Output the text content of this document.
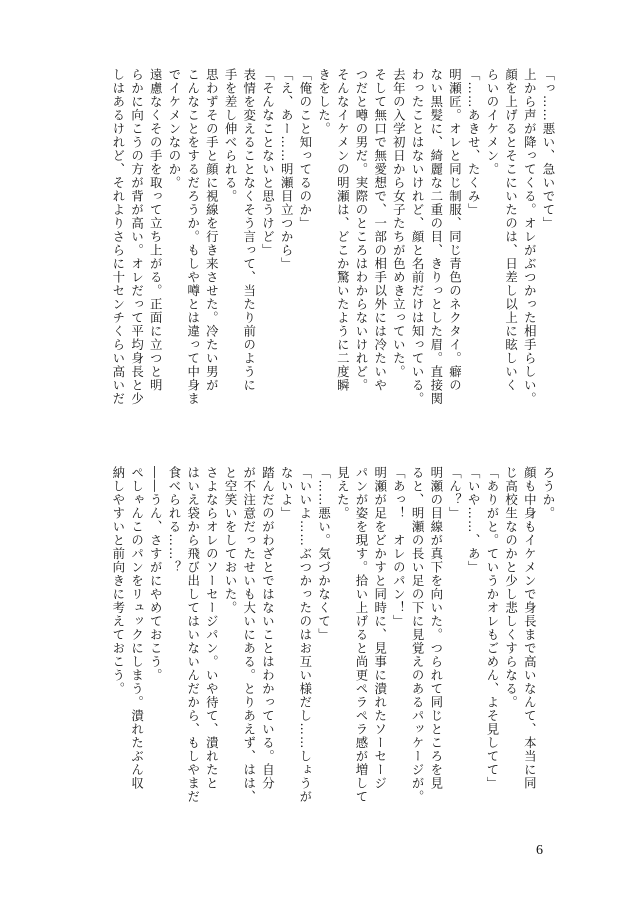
「っ……悪い、急いでて」

上から声が降ってくる。オレがぶつかった相手らしい。

顔を上げるとそこにいたのは、日差し以上に眩しいく

らいのイケメン。

「……あきせ、たくみ」

明瀬匠。オレと同じ制服、同じ青色のネクタイ。癖の

ない黒髪に、綺麗な二重の目、きりっとした眉。直接関

わったことはないけれど、顔と名前だけは知っている。

去年の入学初日から女子たちが色めき立っていた。

そして無口で無愛想で、一部の相手以外には冷たいや

つだと噂の男だ。実際のところはわからないけれど。

そんなイケメンの明瀬は、どこか驚いたように二度瞬

きをした。

「俺のこと知ってるのか」

「え、あー……明瀬目立つから」

「そんなことないと思うけど」

表情を変えることなくそう言って、当たり前のように

手を差し伸べられる。

思わずその手と顔に視線を行き来させた。冷たい男が

こんなことをするだろうか。もしや噂とは違って中身ま

でイケメンなのか。

遠慮なくその手を取って立ち上がる。正面に立つと明

らかに向こうの方が背が高い。オレだって平均身長と少

しはあるけれど、それよりさらに十センチくらい高いだ

ろうか。

顔も中身もイケメンで身長まで高いなんて、本当に同

じ高校生なのかと少し悲しくすらなる。

「ありがと。ていうかオレもごめん、よそ見してて」

「いや……、あ」

「ん？」

明瀬の目線が真下を向いた。つられて同じところを見

ると、明瀬の長い足の下に見覚えのあるパッケージが。

「あっ！　オレのパン！」

明瀬が足をどかすと同時に、見事に潰れたソーセージ

パンが姿を現す。拾い上げると尚更ペラペラ感が増して

見えた。

「……悪い。気づかなくて」

「いいよ……ぶつかったのはお互い様だし……しょうが

ないよ」

踏んだのがわざとではないことはわかっている。自分

が不注意だったせいも大いにある。とりあえず、はは、

と空笑いをしておいた。

さよならオレのソーセージパン。いや待て、潰れたと

はいえ袋から飛び出してはいないんだから、もしやまだ

食べられる……？

――うん、さすがにやめておこう。

ぺしゃんこのパンをリュックにしまう。潰れたぶん収

納しやすいと前向きに考えておこう。

6
